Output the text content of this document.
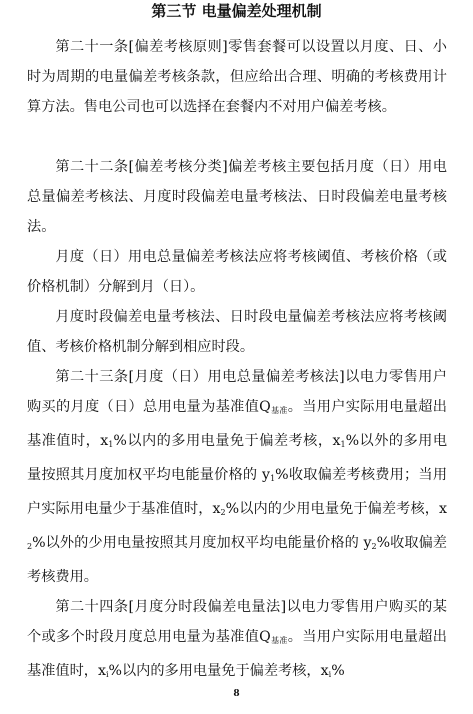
第三节 电量偏差处理机制

第二十一条[偏差考核原则]零售套餐可以设置以月度、日、小时为周期的电量偏差考核条款，但应给出合理、明确的考核费用计算方法。售电公司也可以选择在套餐内不对用户偏差考核。

第二十二条[偏差考核分类]偏差考核主要包括月度（日）用电总量偏差考核法、月度时段偏差电量考核法、日时段偏差电量考核法。

月度（日）用电总量偏差考核法应将考核阈值、考核价格（或价格机制）分解到月（日）。

月度时段偏差电量考核法、日时段电量偏差考核法应将考核阈值、考核价格机制分解到相应时段。

第二十三条[月度（日）用电总量偏差考核法]以电力零售用户购买的月度（日）总用电量为基准值$Q_{基准}$。当用户实际用电量超出基准值时，$x_1\%$以内的多用电量免于偏差考核，$x_1\%$以外的多用电量按照其月度加权平均电能量价格的 $y_1\%$收取偏差考核费用；当用户实际用电量少于基准值时，$x_2\%$以内的少用电量免于偏差考核，$x_2\%$以外的少用电量按照其月度加权平均电能量价格的 $y_2\%$收取偏差考核费用。

第二十四条[月度分时段偏差电量法]以电力零售用户购买的某个或多个时段月度总用电量为基准值$Q_{基准}$。当用户实际用电量超出基准值时，$x_i\%$以内的多用电量免于偏差考核，$x_i\%$

8
